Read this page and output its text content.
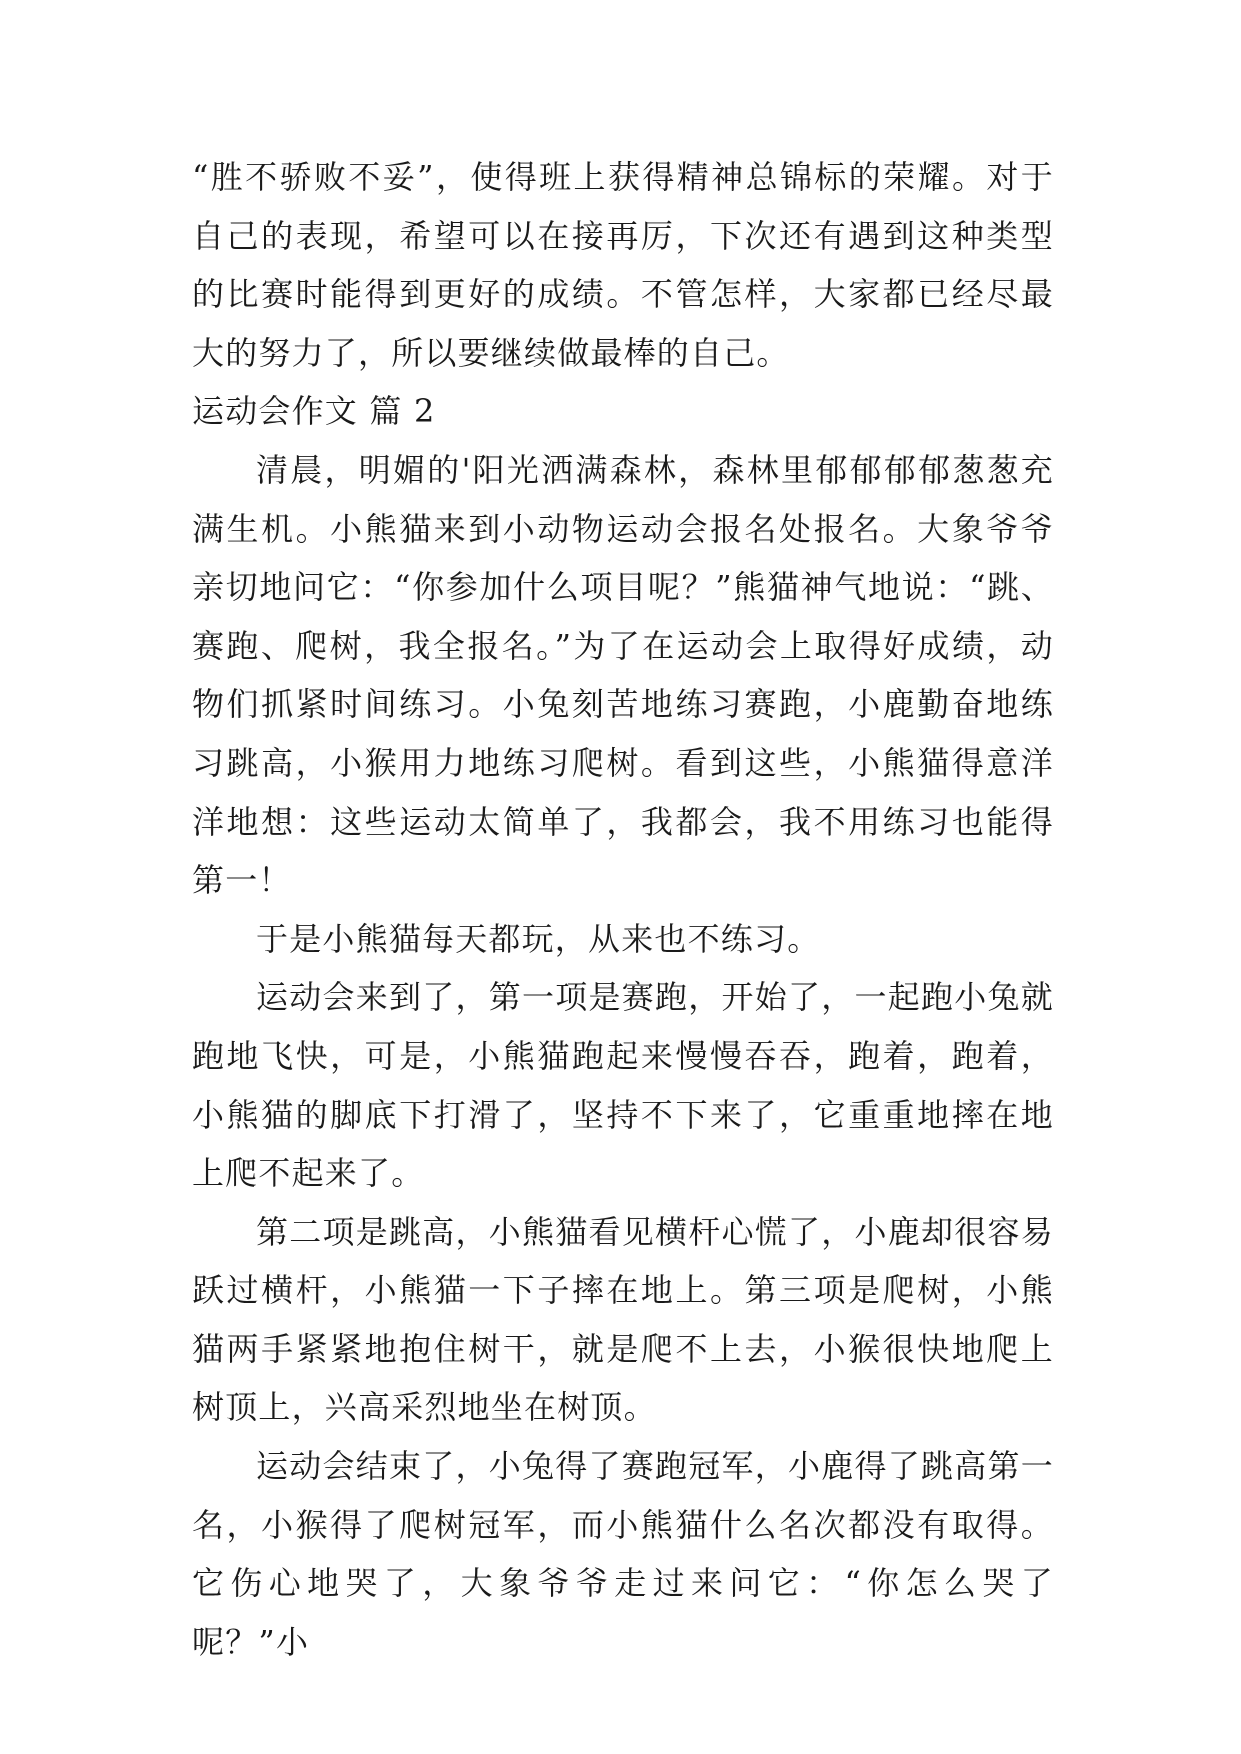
“胜不骄败不妥”，使得班上获得精神总锦标的荣耀。对于自己的表现，希望可以在接再厉，下次还有遇到这种类型的比赛时能得到更好的成绩。不管怎样，大家都已经尽最大的努力了，所以要继续做最棒的自己。

运动会作文 篇 2

清晨，明媚的'阳光洒满森林，森林里郁郁郁郁葱葱充满生机。小熊猫来到小动物运动会报名处报名。大象爷爷亲切地问它：“你参加什么项目呢？”熊猫神气地说：“跳、赛跑、爬树，我全报名。”为了在运动会上取得好成绩，动物们抓紧时间练习。小兔刻苦地练习赛跑，小鹿勤奋地练习跳高，小猴用力地练习爬树。看到这些，小熊猫得意洋洋地想：这些运动太简单了，我都会，我不用练习也能得第一！

于是小熊猫每天都玩，从来也不练习。

运动会来到了，第一项是赛跑，开始了，一起跑小兔就跑地飞快，可是，小熊猫跑起来慢慢吞吞，跑着，跑着，小熊猫的脚底下打滑了，坚持不下来了，它重重地摔在地上爬不起来了。

第二项是跳高，小熊猫看见横杆心慌了，小鹿却很容易跃过横杆，小熊猫一下子摔在地上。第三项是爬树，小熊猫两手紧紧地抱住树干，就是爬不上去，小猴很快地爬上树顶上，兴高采烈地坐在树顶。

运动会结束了，小兔得了赛跑冠军，小鹿得了跳高第一名，小猴得了爬树冠军，而小熊猫什么名次都没有取得。它伤心地哭了，大象爷爷走过来问它：“你怎么哭了呢？”小
